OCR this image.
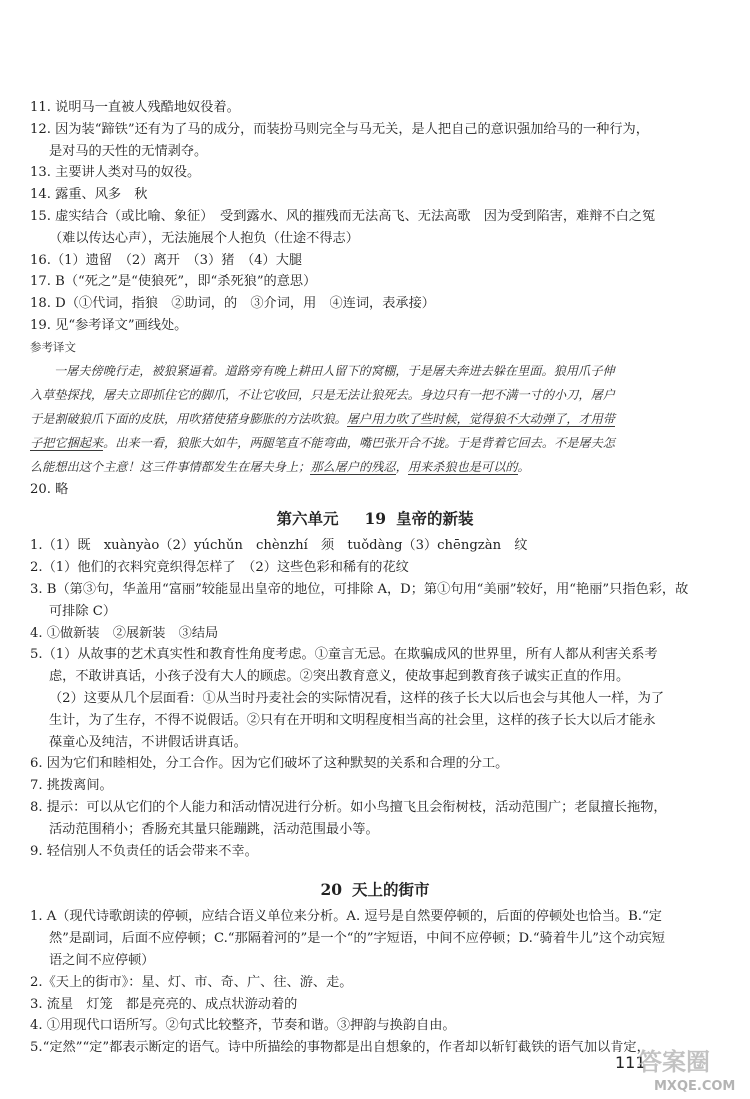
11. 说明马一直被人残酷地奴役着。
12. 因为装“蹄铁”还有为了马的成分，而装扮马则完全与马无关，是人把自己的意识强加给马的一种行为，
是对马的天性的无情剥夺。
13. 主要讲人类对马的奴役。
14. 露重、风多　秋
15. 虚实结合（或比喻、象征）　受到露水、风的摧残而无法高飞、无法高歌　因为受到陷害，难辩不白之冤
（难以传达心声），无法施展个人抱负（仕途不得志）
16.（1）遗留　（2）离开　（3）猪　（4）大腿
17. B（“死之”是“使狼死”，即“杀死狼”的意思）
18. D（①代词，指狼　②助词，的　③介词，用　④连词，表承接）
19. 见“参考译文”画线处。
参考译文
一屠夫傍晚行走，被狼紧逼着。道路旁有晚上耕田人留下的窝棚，于是屠夫奔进去躲在里面。狼用爪子伸
入草垫探找，屠夫立即抓住它的脚爪，不让它收回，只是无法让狼死去。身边只有一把不满一寸的小刀，屠户
于是割破狼爪下面的皮肤，用吹猪使猪身膨胀的方法吹狼。屠户用力吹了些时候，觉得狼不大动弹了，才用带
子把它捆起来。出来一看，狼胀大如牛，两腿笔直不能弯曲，嘴巴张开合不拢。于是背着它回去。不是屠夫怎
么能想出这个主意！这三件事情都发生在屠夫身上；那么屠户的残忍，用来杀狼也是可以的。
20. 略
第六单元 19 皇帝的新装
1.（1）既　xuànyào（2）yúchǔn　chènzhí　须　tuǒdàng（3）chēngzàn　纹
2.（1）他们的衣料究竟织得怎样了　（2）这些色彩和稀有的花纹
3. B（第③句，华盖用“富丽”较能显出皇帝的地位，可排除 A，D；第①句用“美丽”较好，用“艳丽”只指色彩，故
可排除 C）
4. ①做新装　②展新装　③结局
5.（1）从故事的艺术真实性和教育性角度考虑。①童言无忌。在欺骗成风的世界里，所有人都从利害关系考
虑，不敢讲真话，小孩子没有大人的顾虑。②突出教育意义，使故事起到教育孩子诚实正直的作用。
（2）这要从几个层面看：①从当时丹麦社会的实际情况看，这样的孩子长大以后也会与其他人一样，为了
生计，为了生存，不得不说假话。②只有在开明和文明程度相当高的社会里，这样的孩子长大以后才能永
葆童心及纯洁，不讲假话讲真话。
6. 因为它们和睦相处，分工合作。因为它们破坏了这种默契的关系和合理的分工。
7. 挑拨离间。
8. 提示：可以从它们的个人能力和活动情况进行分析。如小鸟擅飞且会衔树枝，活动范围广；老鼠擅长拖物，
活动范围稍小；香肠充其量只能蹦跳，活动范围最小等。
9. 轻信别人不负责任的话会带来不幸。
20 天上的街市
1. A（现代诗歌朗读的停顿，应结合语义单位来分析。A. 逗号是自然要停顿的，后面的停顿处也恰当。B.“定
然”是副词，后面不应停顿；C.“那隔着河的”是一个“的”字短语，中间不应停顿；D.“骑着牛儿”这个动宾短
语之间不应停顿）
2.《天上的街市》：星、灯、市、奇、广、往、游、走。
3. 流星　灯笼　都是亮亮的、成点状游动着的
4. ①用现代口语所写。②句式比较整齐，节奏和谐。③押韵与换韵自由。
5.“定然”“定”都表示断定的语气。诗中所描绘的事物都是出自想象的，作者却以斩钉截铁的语气加以肯定，
111
答案圈
MXQE.COM
